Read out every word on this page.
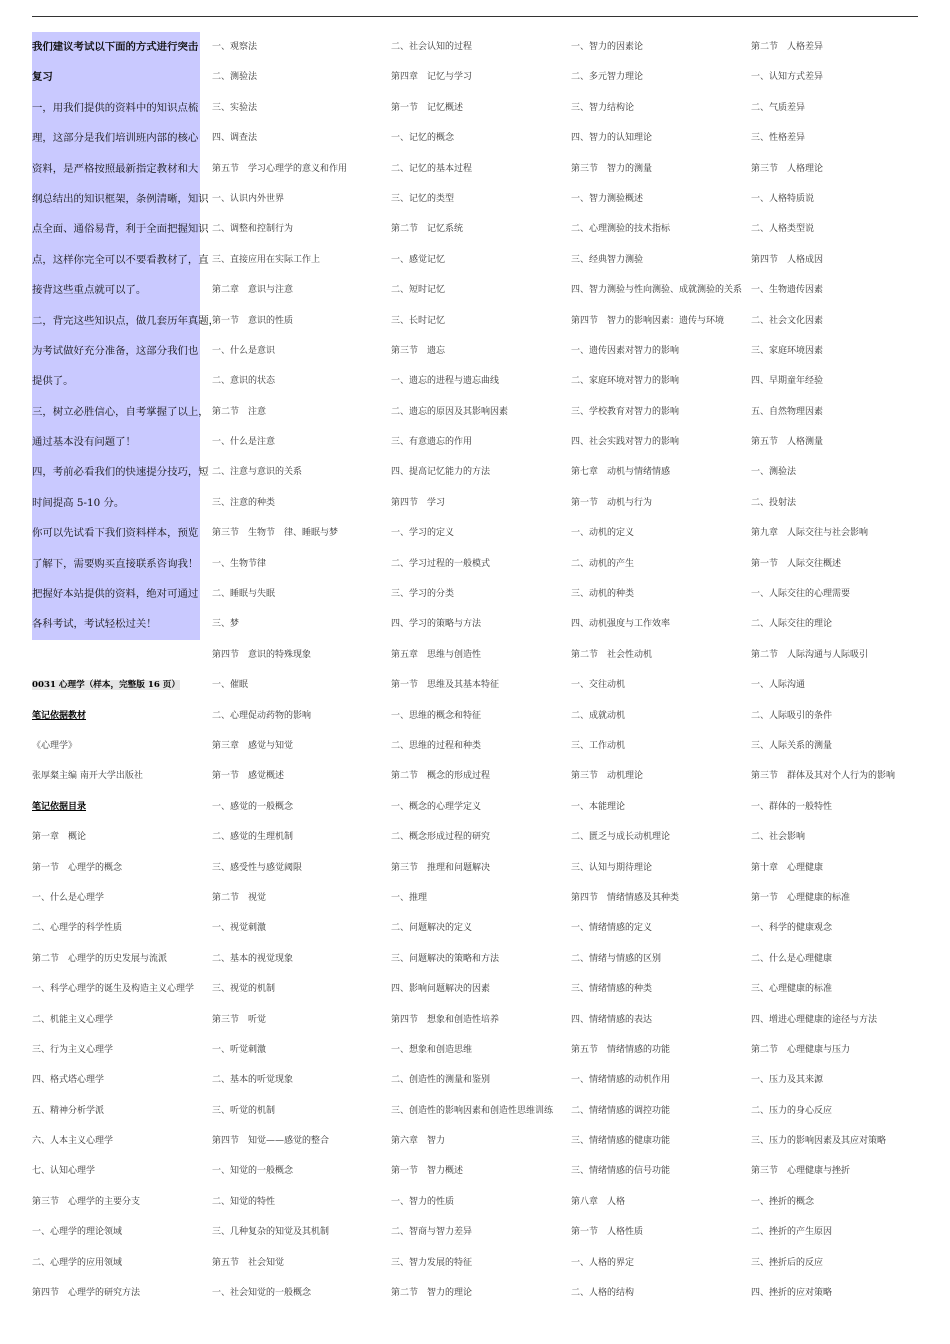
我们建议考试以下面的方式进行突击
复习
一，用我们提供的资料中的知识点梳
理，这部分是我们培训班内部的核心
资料，是严格按照最新指定教材和大
纲总结出的知识框架，条例清晰，知识
点全面、通俗易背，利于全面把握知识
点，这样你完全可以不要看教材了，直
接背这些重点就可以了。
二，背完这些知识点，做几套历年真题，
为考试做好充分准备，这部分我们也
提供了。
三，树立必胜信心，自考掌握了以上，
通过基本没有问题了！
四，考前必看我们的快速提分技巧，短
时间提高 5-10 分。
你可以先试看下我们资料样本，预览
了解下，需要购买直接联系咨询我！
把握好本站提供的资料，绝对可通过
各科考试，考试轻松过关！
0031 心理学（样本，完整版 16 页）
笔记依据教材
《心理学》
张厚粲主编 南开大学出版社
笔记依据目录
第一章　概论
第一节　心理学的概念
一、什么是心理学
二、心理学的科学性质
第二节　心理学的历史发展与流派
一、科学心理学的诞生及构造主义心理学
二、机能主义心理学
三、行为主义心理学
四、格式塔心理学
五、精神分析学派
六、人本主义心理学
七、认知心理学
第三节　心理学的主要分支
一、心理学的理论领域
二、心理学的应用领域
第四节　心理学的研究方法
一、观察法
二、测验法
三、实验法
四、调查法
第五节　学习心理学的意义和作用
一、认识内外世界
二、调整和控制行为
三、直接应用在实际工作上
第二章　意识与注意
第一节　意识的性质
一、什么是意识
二、意识的状态
第二节　注意
一、什么是注意
二、注意与意识的关系
三、注意的种类
第三节　生物节　律、睡眠与梦
一、生物节律
二、睡眠与失眠
三、梦
第四节　意识的特殊现象
一、催眠
二、心理促动药物的影响
第三章　感觉与知觉
第一节　感觉概述
一、感觉的一般概念
二、感觉的生理机制
三、感受性与感觉阈限
第二节　视觉
一、视觉刺激
二、基本的视觉现象
三、视觉的机制
第三节　听觉
一、听觉刺激
二、基本的听觉现象
三、听觉的机制
第四节　知觉——感觉的整合
一、知觉的一般概念
二、知觉的特性
三、几种复杂的知觉及其机制
第五节　社会知觉
一、社会知觉的一般概念
二、社会认知的过程
第四章　记忆与学习
第一节　记忆概述
一、记忆的概念
二、记忆的基本过程
三、记忆的类型
第二节　记忆系统
一、感觉记忆
二、短时记忆
三、长时记忆
第三节　遗忘
一、遗忘的进程与遗忘曲线
二、遗忘的原因及其影响因素
三、有意遗忘的作用
四、提高记忆能力的方法
第四节　学习
一、学习的定义
二、学习过程的一般模式
三、学习的分类
四、学习的策略与方法
第五章　思维与创造性
第一节　思维及其基本特征
一、思维的概念和特征
二、思维的过程和种类
第二节　概念的形成过程
一、概念的心理学定义
二、概念形成过程的研究
第三节　推理和问题解决
一、推理
二、问题解决的定义
三、问题解决的策略和方法
四、影响问题解决的因素
第四节　想象和创造性培养
一、想象和创造思维
二、创造性的测量和鉴别
三、创造性的影响因素和创造性思维训练
第六章　智力
第一节　智力概述
一、智力的性质
二、智商与智力差异
三、智力发展的特征
第二节　智力的理论
一、智力的因素论
二、多元智力理论
三、智力结构论
四、智力的认知理论
第三节　智力的测量
一、智力测验概述
二、心理测验的技术指标
三、经典智力测验
四、智力测验与性向测验、成就测验的关系
第四节　智力的影响因素：遗传与环境
一、遗传因素对智力的影响
二、家庭环境对智力的影响
三、学校教育对智力的影响
四、社会实践对智力的影响
第七章　动机与情绪情感
第一节　动机与行为
一、动机的定义
二、动机的产生
三、动机的种类
四、动机强度与工作效率
第二节　社会性动机
一、交往动机
二、成就动机
三、工作动机
第三节　动机理论
一、本能理论
二、匮乏与成长动机理论
三、认知与期待理论
第四节　情绪情感及其种类
一、情绪情感的定义
二、情绪与情感的区别
三、情绪情感的种类
四、情绪情感的表达
第五节　情绪情感的功能
一、情绪情感的动机作用
二、情绪情感的调控功能
三、情绪情感的健康功能
三、情绪情感的信号功能
第八章　人格
第一节　人格性质
一、人格的界定
二、人格的结构
第二节　人格差异
一、认知方式差异
二、气质差异
三、性格差异
第三节　人格理论
一、人格特质说
二、人格类型说
第四节　人格成因
一、生物遗传因素
二、社会文化因素
三、家庭环境因素
四、早期童年经验
五、自然物理因素
第五节　人格测量
一、测验法
二、投射法
第九章　人际交往与社会影响
第一节　人际交往概述
一、人际交往的心理需要
二、人际交往的理论
第二节　人际沟通与人际吸引
一、人际沟通
二、人际吸引的条件
三、人际关系的测量
第三节　群体及其对个人行为的影响
一、群体的一般特性
二、社会影响
第十章　心理健康
第一节　心理健康的标准
一、科学的健康观念
二、什么是心理健康
三、心理健康的标准
四、增进心理健康的途径与方法
第二节　心理健康与压力
一、压力及其来源
二、压力的身心反应
三、压力的影响因素及其应对策略
第三节　心理健康与挫折
一、挫折的概念
二、挫折的产生原因
三、挫折后的反应
四、挫折的应对策略
